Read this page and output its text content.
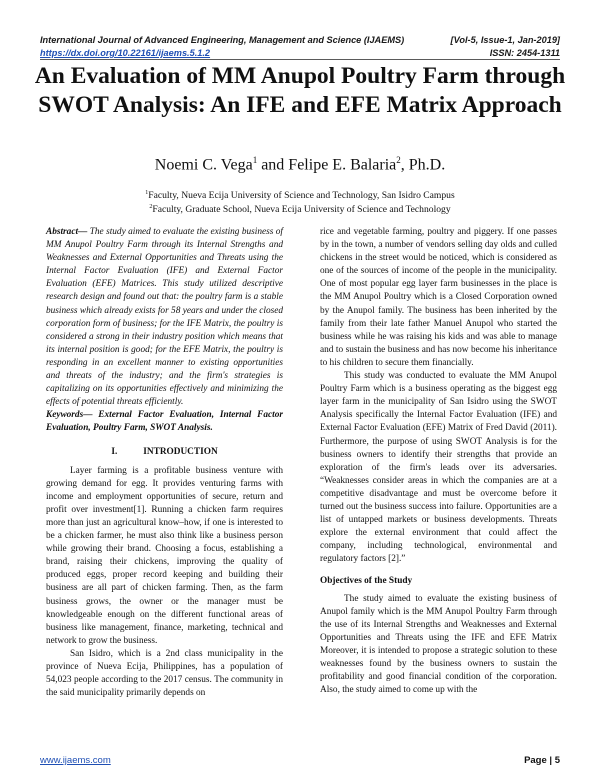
International Journal of Advanced Engineering, Management and Science (IJAEMS)	[Vol-5, Issue-1, Jan-2019]
https://dx.doi.org/10.22161/ijaems.5.1.2	ISSN: 2454-1311
An Evaluation of MM Anupol Poultry Farm through SWOT Analysis: An IFE and EFE Matrix Approach
Noemi C. Vega$^1$ and Felipe E. Balaria$^2$, Ph.D.
$^1$Faculty, Nueva Ecija University of Science and Technology, San Isidro Campus
$^2$Faculty, Graduate School, Nueva Ecija University of Science and Technology

Abstract— The study aimed to evaluate the existing business of MM Anupol Poultry Farm through its Internal Strengths and Weaknesses and External Opportunities and Threats using the Internal Factor Evaluation (IFE) and External Factor Evaluation (EFE) Matrices. This study utilized descriptive research design and found out that: the poultry farm is a stable business which already exists for 58 years and under the closed corporation form of business; for the IFE Matrix, the poultry is considered a strong in their industry position which means that its internal position is good; for the EFE Matrix, the poultry is responding in an excellent manner to existing opportunities and threats of the industry; and the firm's strategies is capitalizing on its opportunities effectively and minimizing the effects of potential threats efficiently.

Keywords— External Factor Evaluation, Internal Factor Evaluation, Poultry Farm, SWOT Analysis.

I.	INTRODUCTION

Layer farming is a profitable business venture with growing demand for egg. It provides venturing farms with income and employment opportunities of secure, return and profit over investment[1]. Running a chicken farm requires more than just an agricultural know–how, if one is interested to be a chicken farmer, he must also think like a business person while growing their brand. Choosing a focus, establishing a brand, raising their chickens, improving the quality of produced eggs, proper record keeping and building their business are all part of chicken farming. Then, as the farm business grows, the owner or the manager must be knowledgeable enough on the different functional areas of business like management, finance, marketing, technical and network to grow the business.

San Isidro, which is a 2nd class municipality in the province of Nueva Ecija, Philippines, has a population of 54,023 people according to the 2017 census. The community in the said municipality primarily depends on

rice and vegetable farming, poultry and piggery. If one passes by in the town, a number of vendors selling day olds and culled chickens in the street would be noticed, which is considered as one of the sources of income of the people in the municipality. One of most popular egg layer farm businesses in the place is the MM Anupol Poultry which is a Closed Corporation owned by the Anupol family. The business has been inherited by the family from their late father Manuel Anupol who started the business while he was raising his kids and was able to manage and to sustain the business and has now become his inheritance to his children to secure them financially.

This study was conducted to evaluate the MM Anupol Poultry Farm which is a business operating as the biggest egg layer farm in the municipality of San Isidro using the SWOT Analysis specifically the Internal Factor Evaluation (IFE) and External Factor Evaluation (EFE) Matrix of Fred David (2011). Furthermore, the purpose of using SWOT Analysis is for the business owners to identify their strengths that provide an exploration of the firm's leads over its adversaries. “Weaknesses consider areas in which the companies are at a competitive disadvantage and must be overcome before it turned out the business success into failure. Opportunities are a list of untapped markets or business developments. Threats explore the external environment that could affect the company, including technological, environmental and regulatory factors [2].”

Objectives of the Study

The study aimed to evaluate the existing business of Anupol family which is the MM Anupol Poultry Farm through the use of its Internal Strengths and Weaknesses and External Opportunities and Threats using the IFE and EFE Matrix Moreover, it is intended to propose a strategic solution to these weaknesses found by the business owners to sustain the profitability and good financial condition of the corporation. Also, the study aimed to come up with the

www.ijaems.com	Page | 5
